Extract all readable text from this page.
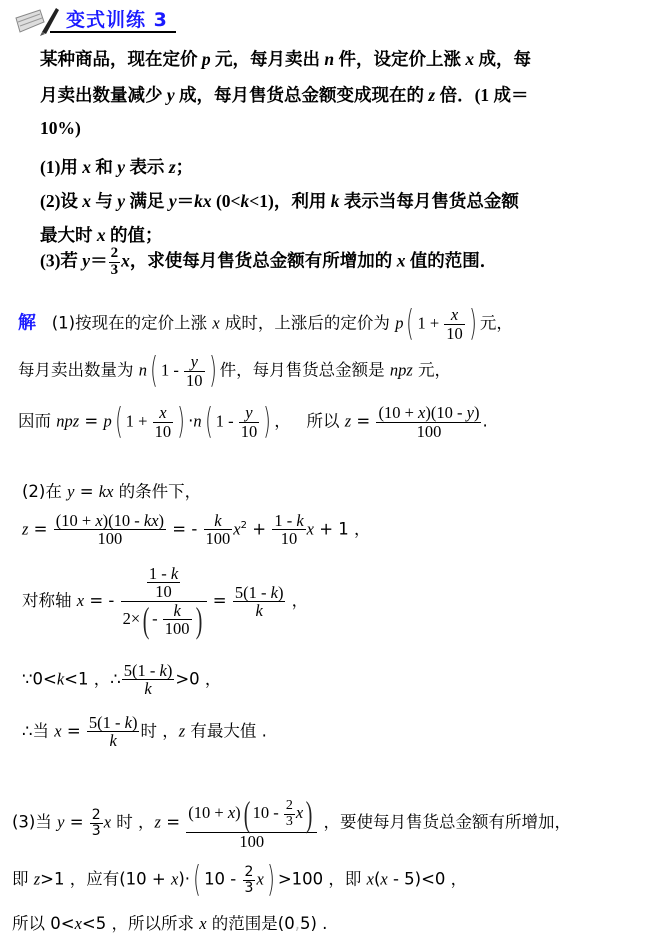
变式训练 3
某种商品，现在定价 p 元，每月卖出 n 件，设定价上涨 x 成，每
月卖出数量减少 y 成，每月售货总金额变成现在的 z 倍．(1 成＝
10%)
(1)用 x 和 y 表示 z；
(2)设 x 与 y 满足 y＝kx (0<k<1)，利用 k 表示当每月售货总金额
最大时 x 的值；
(3)若 $y= \frac{2}{3}$ x，求使每月售货总金额有所增加的 x 值的范围．
解   (1)按现在的定价上涨 x 成时，上涨后的定价为 p( $1 + \frac{x}{10}$ ) 元，
每月卖出数量为 n( $1 - \frac{y}{10}$ ) 件，每月售货总金额是 npz 元，
因而 npz = p( $1 + \frac{x}{10}$ ) ·n( $1 - \frac{y}{10}$ ) ，   所以 $z = \frac{(10 + x)(10 - y)}{100}$ .
(2)在 y = kx 的条件下，
$z = \frac{(10 + x)(10 - kx)}{100}$ = - $\frac{k}{100} x^2 + \frac{1 - k}{10}$ x + 1 ，
对称轴 x = - $\frac{\frac{1 - k}{10}}{2\times( - \frac{k}{100} )} = \frac{5(1 - k)}{k}$ ，
∵0<k<1 ，∴ $\frac{5(1 - k)}{k} >0$ ，
∴当 $x = \frac{5(1 - k)}{k}$ 时 ，z 有最大值 .
(3)当 $y = \frac{2}{3}$ x 时 ，$z = \frac{(10 + x)( 10 - \frac{2}{3} x)}{100}$ ，要使每月售货总金额有所增加，
即 z>1 ，应有(10 + x)·( $10 - \frac{2}{3} x) >100$ ，即 x(x - 5)<0 ，
所以 0<x<5 ，所以所求 x 的范围是(0,5) .
